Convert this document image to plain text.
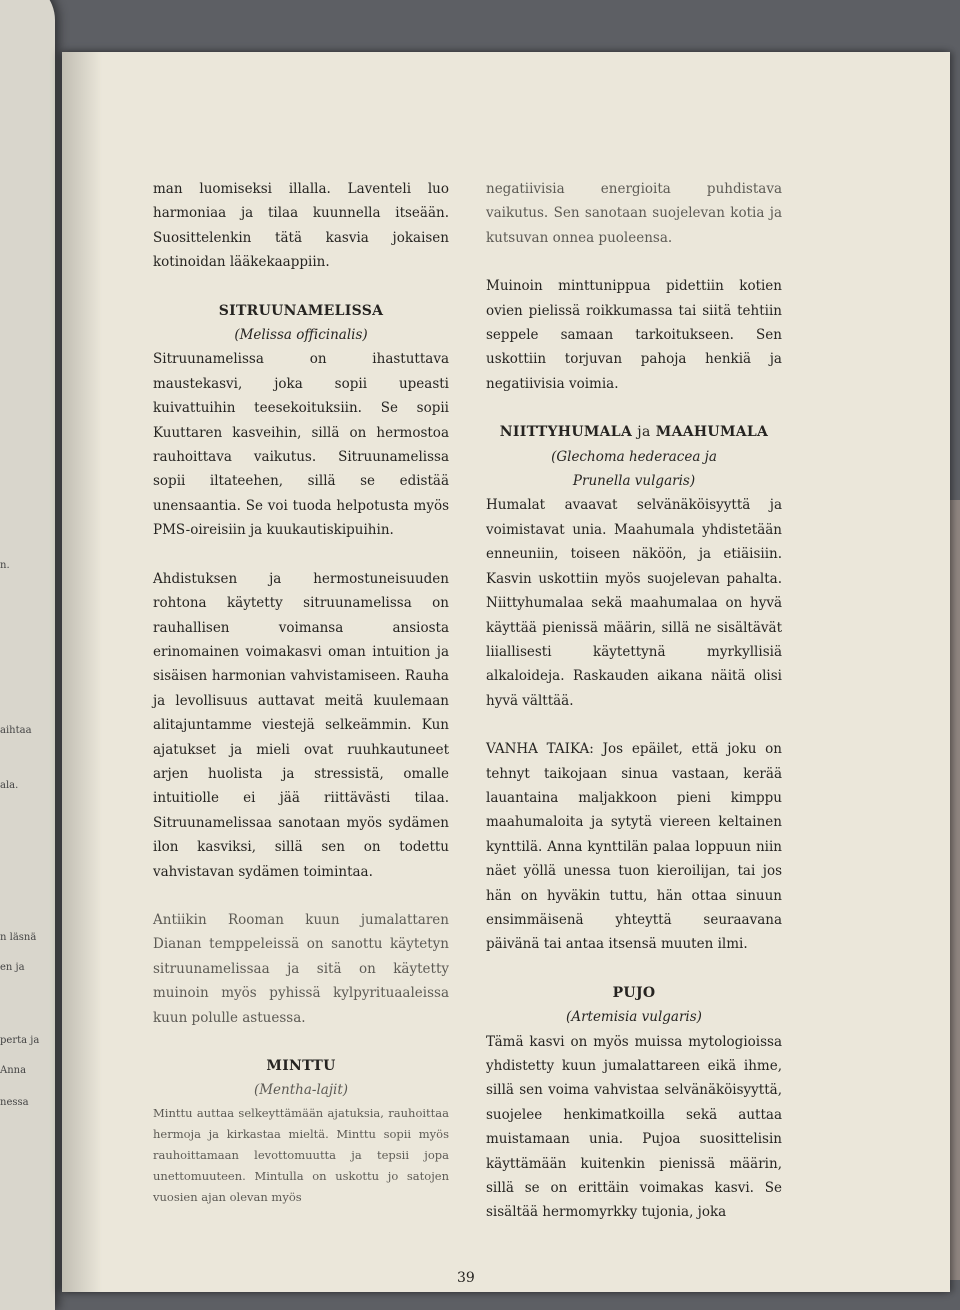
n.
aihtaa
ala.
n läsnä
en ja
perta ja
Anna
nessa

man luomiseksi illalla. Laventeli luo harmoniaa ja tilaa kuunnella itseään. Suosittelenkin tätä kasvia jokaisen kotinoidan lääkekaappiin.

SITRUUNAMELISSA

(Melissa officinalis)

Sitruunamelissa on ihastuttava maustekasvi, joka sopii upeasti kuivattuihin teesekoituksiin. Se sopii Kuuttaren kasveihin, sillä on hermostoa rauhoittava vaikutus. Sitruunamelissa sopii iltateehen, sillä se edistää unensaantia. Se voi tuoda helpotusta myös PMS-oireisiin ja kuukautiskipuihin.

Ahdistuksen ja hermostuneisuuden rohtona käytetty sitruunamelissa on rauhallisen voimansa ansiosta erinomainen voimakasvi oman intuition ja sisäisen harmonian vahvistamiseen. Rauha ja levollisuus auttavat meitä kuulemaan alitajuntamme viestejä selkeämmin. Kun ajatukset ja mieli ovat ruuhkautuneet arjen huolista ja stressistä, omalle intuitiolle ei jää riittävästi tilaa. Sitruunamelissaa sanotaan myös sydämen ilon kasviksi, sillä sen on todettu vahvistavan sydämen toimintaa.

Antiikin Rooman kuun jumalattaren Dianan temppeleissä on sanottu käytetyn sitruunamelissaa ja sitä on käytetty muinoin myös pyhissä kylpyrituaaleissa kuun polulle astuessa.

MINTTU

(Mentha-lajit)

Minttu auttaa selkeyttämään ajatuksia, rauhoittaa hermoja ja kirkastaa mieltä. Minttu sopii myös rauhoittamaan levottomuutta ja tepsii jopa unettomuuteen. Mintulla on uskottu jo satojen vuosien ajan olevan myös

negatiivisia energioita puhdistava vaikutus. Sen sanotaan suojelevan kotia ja kutsuvan onnea puoleensa.

Muinoin minttunippua pidettiin kotien ovien pielissä roikkumassa tai siitä tehtiin seppele samaan tarkoitukseen. Sen uskottiin torjuvan pahoja henkiä ja negatiivisia voimia.

NIITTYHUMALA ja MAAHUMALA

(Glechoma hederacea ja

Prunella vulgaris)

Humalat avaavat selvänäköisyyttä ja voimistavat unia. Maahumala yhdistetään enneuniin, toiseen näköön, ja etiäisiin. Kasvin uskottiin myös suojelevan pahalta. Niittyhumalaa sekä maahumalaa on hyvä käyttää pienissä määrin, sillä ne sisältävät liiallisesti käytettynä myrkyllisiä alkaloideja. Raskauden aikana näitä olisi hyvä välttää.

VANHA TAIKA: Jos epäilet, että joku on tehnyt taikojaan sinua vastaan, kerää lauantaina maljakkoon pieni kimppu maahumaloita ja sytytä viereen keltainen kynttilä. Anna kynttilän palaa loppuun niin näet yöllä unessa tuon kieroilijan, tai jos hän on hyväkin tuttu, hän ottaa sinuun ensimmäisenä yhteyttä seuraavana päivänä tai antaa itsensä muuten ilmi.

PUJO

(Artemisia vulgaris)

Tämä kasvi on myös muissa mytologioissa yhdistetty kuun jumalattareen eikä ihme, sillä sen voima vahvistaa selvänäköisyyttä, suojelee henkimatkoilla sekä auttaa muistamaan unia. Pujoa suosittelisin käyttämään kuitenkin pienissä määrin, sillä se on erittäin voimakas kasvi. Se sisältää hermomyrkky tujonia, joka

39
